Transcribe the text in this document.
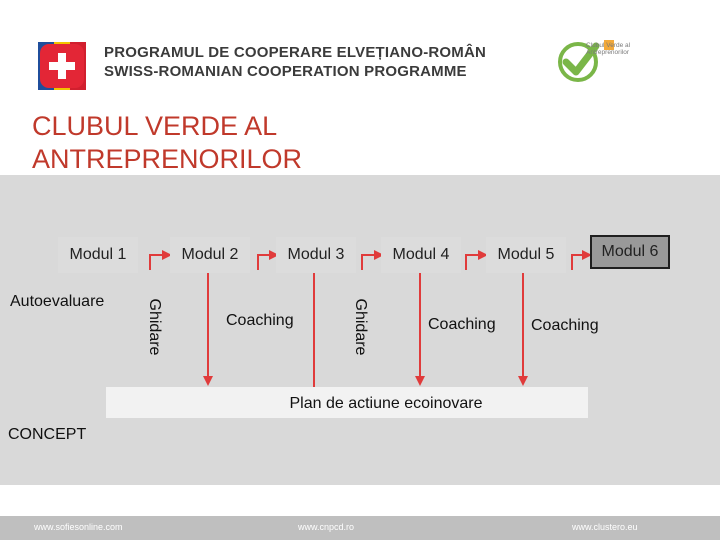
PROGRAMUL DE COOPERARE ELVEȚIANO-ROMÂN
SWISS-ROMANIAN COOPERATION PROGRAMME
Clubul Verde al Antreprenorilor
CLUBUL VERDE AL ANTREPRENORILOR
Modul 1	Modul 2	Modul 3	Modul 4	Modul 5	Modul 6
Autoevaluare	Ghidare	Ghidare
Coaching	Coaching Coaching
Plan de actiune ecoinovare
CONCEPT
www.sofiesonline.com	www.cnpcd.ro	www.clustero.eu
